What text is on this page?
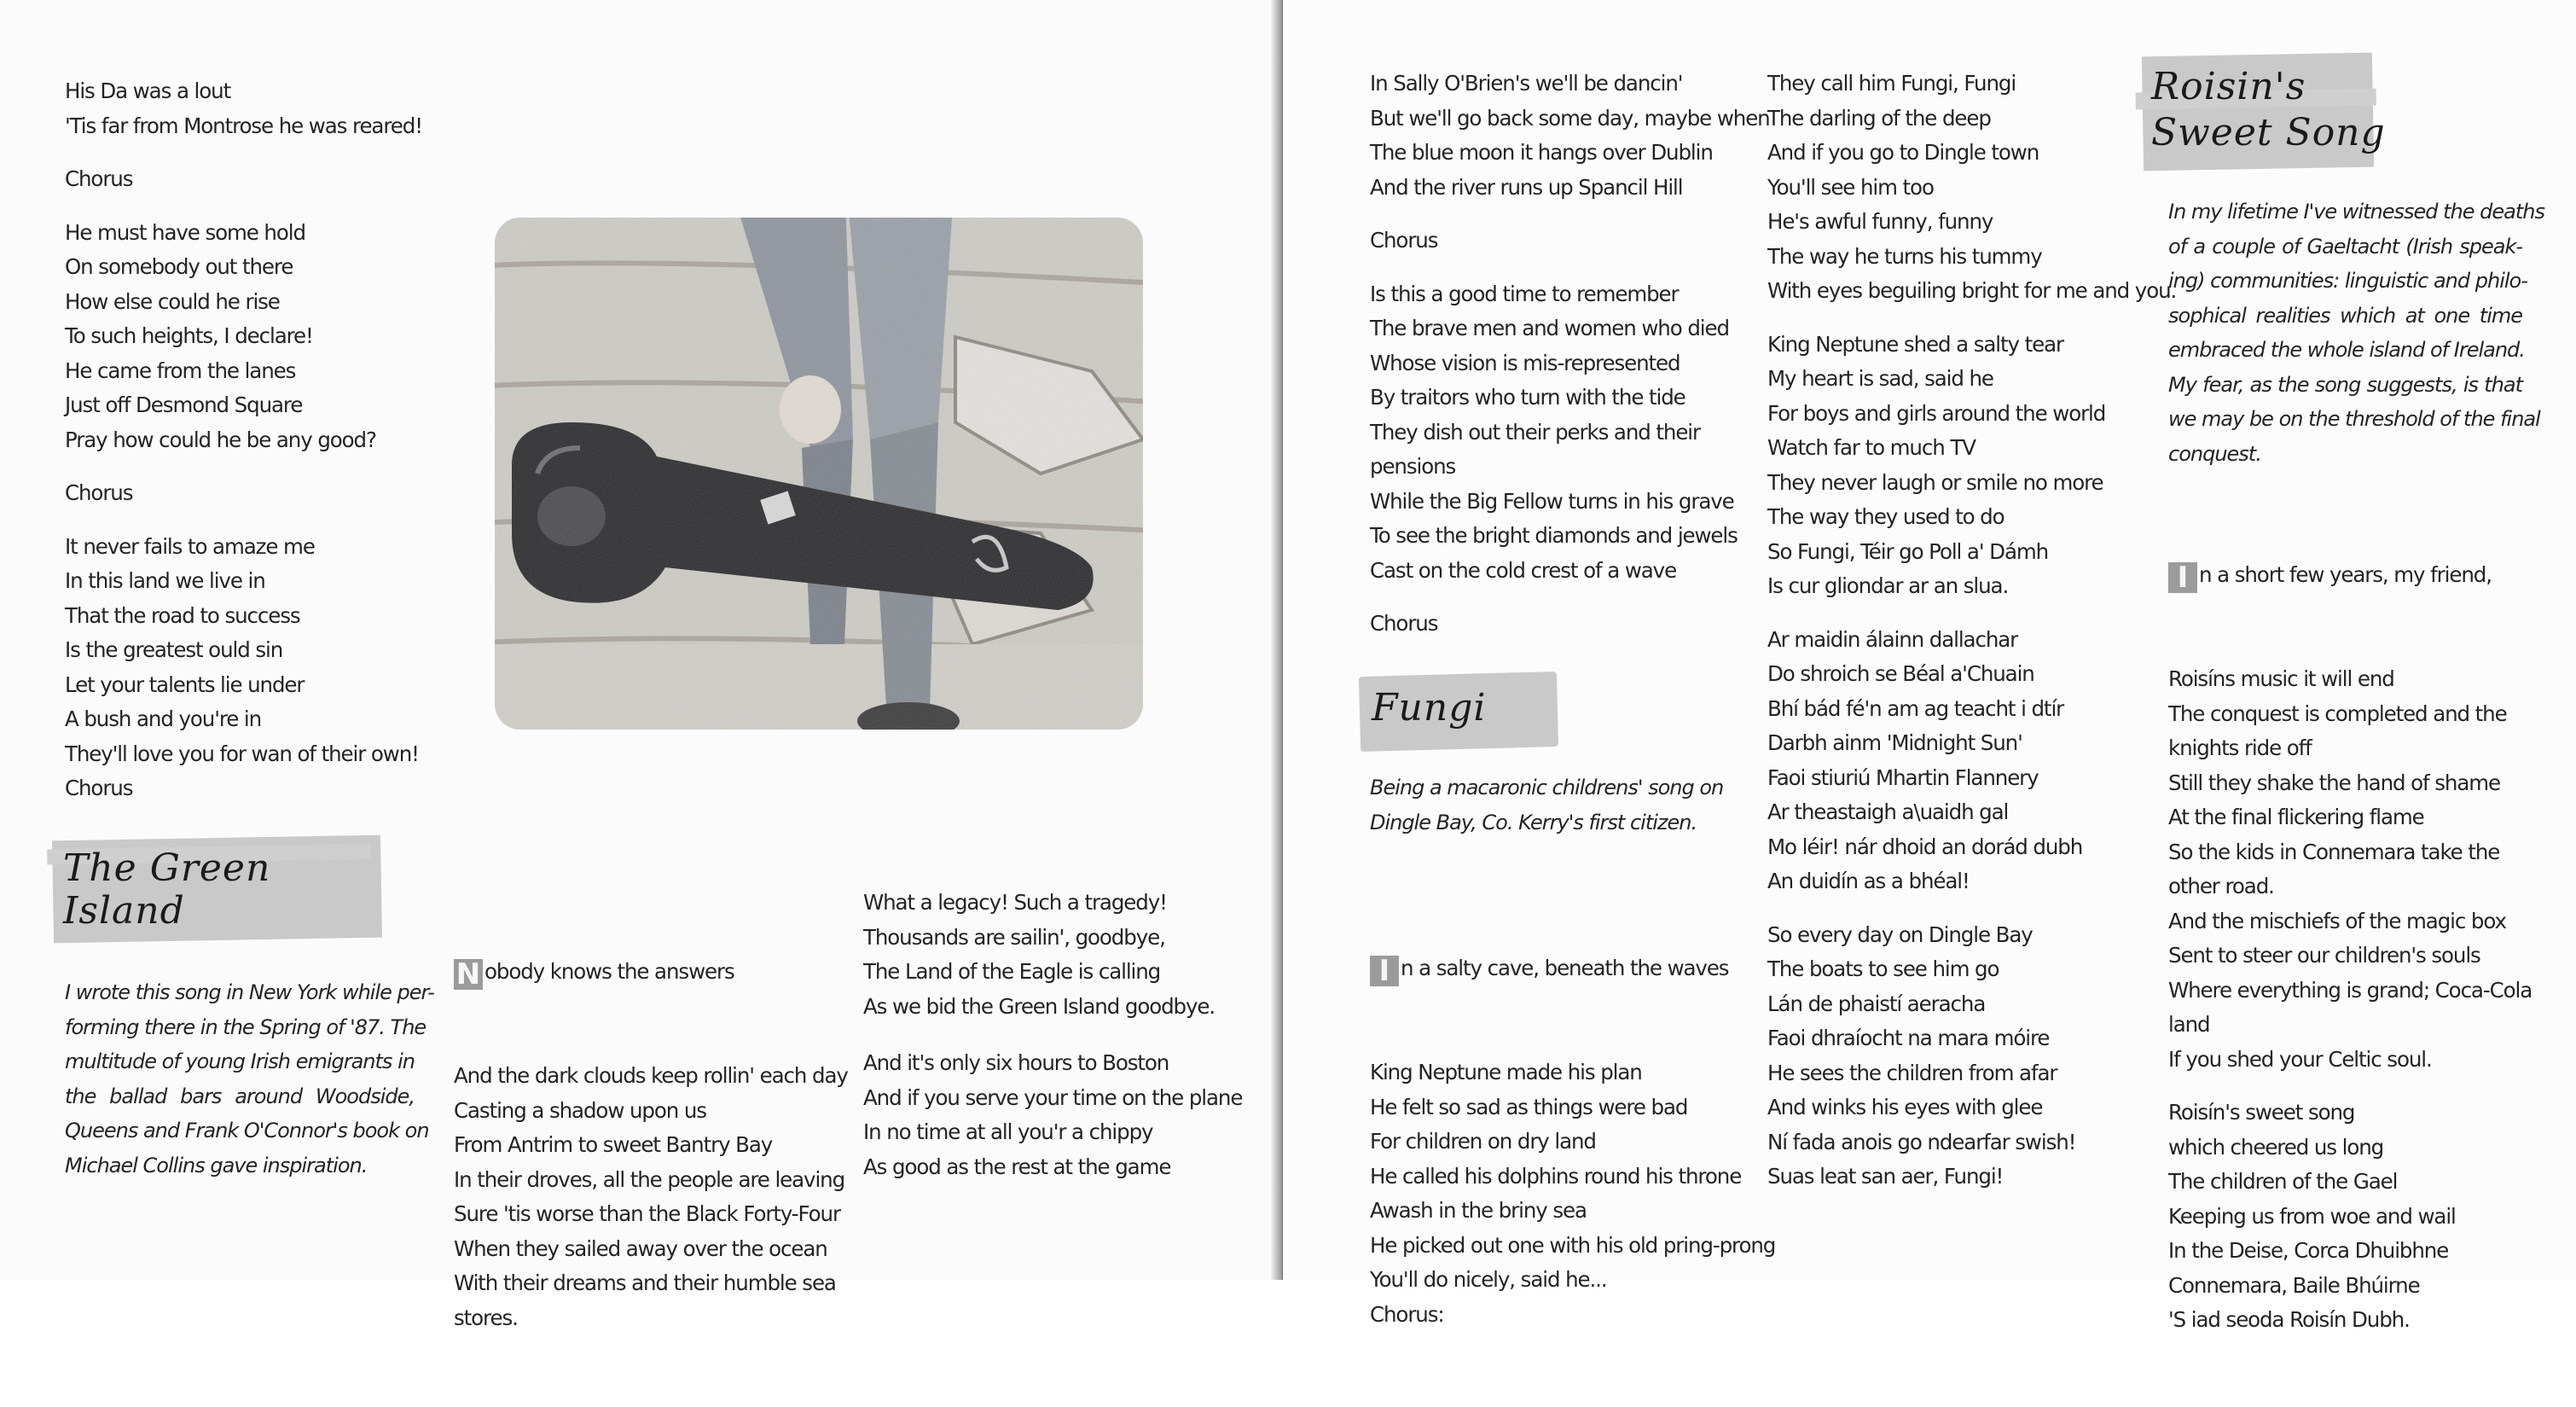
His Da was a lout
'Tis far from Montrose he was reared!
Chorus
He must have some hold
On somebody out there
How else could he rise
To such heights, I declare!
He came from the lanes
Just off Desmond Square
Pray how could he be any good?
Chorus
It never fails to amaze me
In this land we live in
That the road to success
Is the greatest ould sin
Let your talents lie under
A bush and you're in
They'll love you for wan of their own!
Chorus
The Green
Island
I wrote this song in New York while per-
forming there in the Spring of '87. The
multitude of young Irish emigrants in
the ballad bars around Woodside,
Queens and Frank O'Connor's book on
Michael Collins gave inspiration.

N obody knows the answers

And the dark clouds keep rollin' each day
Casting a shadow upon us
From Antrim to sweet Bantry Bay
In their droves, all the people are leaving
Sure 'tis worse than the Black Forty-Four
When they sailed away over the ocean
With their dreams and their humble sea
stores.

What a legacy! Such a tragedy!
Thousands are sailin', goodbye,
The Land of the Eagle is calling
As we bid the Green Island goodbye.
And it's only six hours to Boston
And if you serve your time on the plane
In no time at all you'r a chippy
As good as the rest at the game
In Sally O'Brien's we'll be dancin'
But we'll go back some day, maybe when
The blue moon it hangs over Dublin
And the river runs up Spancil Hill
Chorus
Is this a good time to remember
The brave men and women who died
Whose vision is mis-represented
By traitors who turn with the tide
They dish out their perks and their
pensions
While the Big Fellow turns in his grave
To see the bright diamonds and jewels
Cast on the cold crest of a wave
Chorus
Fungi
Being a macaronic childrens' song on
Dingle Bay, Co. Kerry's first citizen.

I n a salty cave, beneath the waves

King Neptune made his plan
He felt so sad as things were bad
For children on dry land
He called his dolphins round his throne
Awash in the briny sea
He picked out one with his old pring-prong
You'll do nicely, said he...
Chorus:

They call him Fungi, Fungi
The darling of the deep
And if you go to Dingle town
You'll see him too
He's awful funny, funny
The way he turns his tummy
With eyes beguiling bright for me and you.
King Neptune shed a salty tear
My heart is sad, said he
For boys and girls around the world
Watch far to much TV
They never laugh or smile no more
The way they used to do
So Fungi, Téir go Poll a' Dámh
Is cur gliondar ar an slua.
Ar maidin álainn dallachar
Do shroich se Béal a'Chuain
Bhí bád fé'n am ag teacht i dtír
Darbh ainm 'Midnight Sun'
Faoi stiuriú Mhartin Flannery
Ar theastaigh a\uaidh gal
Mo léir! nár dhoid an dorád dubh
An duidín as a bhéal!
So every day on Dingle Bay
The boats to see him go
Lán de phaistí aeracha
Faoi dhraíocht na mara móire
He sees the children from afar
And winks his eyes with glee
Ní fada anois go ndearfar swish!
Suas leat san aer, Fungi!
Roisin's
Sweet Song
In my lifetime I've witnessed the deaths
of a couple of Gaeltacht (Irish speak-
ing) communities: linguistic and philo-
sophical realities which at one time
embraced the whole island of Ireland.
My fear, as the song suggests, is that
we may be on the threshold of the final
conquest.

I n a short few years, my friend,

Roisíns music it will end
The conquest is completed and the
knights ride off
Still they shake the hand of shame
At the final flickering flame
So the kids in Connemara take the
other road.
And the mischiefs of the magic box
Sent to steer our children's souls
Where everything is grand; Coca-Cola
land
If you shed your Celtic soul.
Roisín's sweet song
which cheered us long
The children of the Gael
Keeping us from woe and wail
In the Deise, Corca Dhuibhne
Connemara, Baile Bhúirne
'S iad seoda Roisín Dubh.
